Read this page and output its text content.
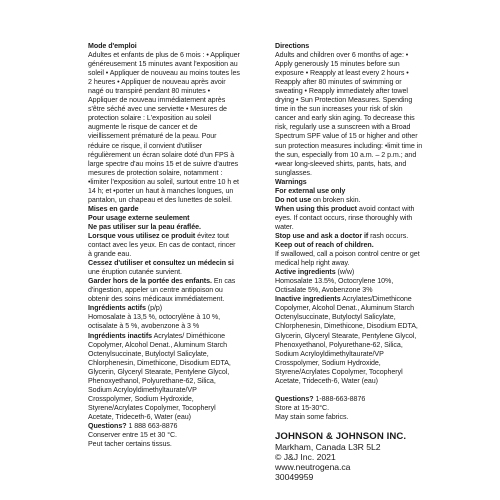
Mode d'emploi

Adultes et enfants de plus de 6 mois : • Appliquer généreusement 15 minutes avant l'exposition au soleil • Appliquer de nouveau au moins toutes les 2 heures • Appliquer de nouveau après avoir nagé ou transpiré pendant 80 minutes • Appliquer de nouveau immédiatement après s'être séché avec une serviette • Mesures de protection solaire : L'exposition au soleil augmente le risque de cancer et de vieillissement prématuré de la peau. Pour réduire ce risque, il convient d'utiliser régulièrement un écran solaire doté d'un FPS à large spectre d'au moins 15 et de suivre d'autres mesures de protection solaire, notamment : •limiter l'exposition au soleil, surtout entre 10 h et 14 h; et •porter un haut à manches longues, un pantalon, un chapeau et des lunettes de soleil.

Mises en garde

Pour usage externe seulement

Ne pas utiliser sur la peau éraflée.

Lorsque vous utilisez ce produit évitez tout contact avec les yeux. En cas de contact, rincer à grande eau.

Cessez d'utiliser et consultez un médecin si une éruption cutanée survient.

Garder hors de la portée des enfants. En cas d'ingestion, appeler un centre antipoison ou obtenir des soins médicaux immédiatement.

Ingrédients actifs (p/p)

Homosalate à 13,5 %, octocrylène à 10 %, octisalate à 5 %, avobenzone à 3 %

Ingrédients inactifs Acrylates/ Diméthicone Copolymer, Alcohol Denat., Aluminum Starch Octenylsuccinate, Butyloctyl Salicylate, Chlorphenesin, Dimethicone, Disodium EDTA, Glycerin, Glyceryl Stearate, Pentylene Glycol, Phenoxyethanol, Polyurethane-62, Silica, Sodium Acryloyldimethyltaurate/VP Crosspolymer, Sodium Hydroxide, Styrene/Acrylates Copolymer, Tocopheryl Acetate, Trideceth-6, Water (eau)

Questions? 1 888 663-8876

Conserver entre 15 et 30 °C.

Peut tacher certains tissus.

Directions

Adults and children over 6 months of age: • Apply generously 15 minutes before sun exposure • Reapply at least every 2 hours • Reapply after 80 minutes of swimming or sweating • Reapply immediately after towel drying • Sun Protection Measures. Spending time in the sun increases your risk of skin cancer and early skin aging. To decrease this risk, regularly use a sunscreen with a Broad Spectrum SPF value of 15 or higher and other sun protection measures including: •limit time in the sun, especially from 10 a.m. – 2 p.m.; and •wear long-sleeved shirts, pants, hats, and sunglasses.

Warnings

For external use only

Do not use on broken skin.

When using this product avoid contact with eyes. If contact occurs, rinse thoroughly with water.

Stop use and ask a doctor if rash occurs.

Keep out of reach of children.

If swallowed, call a poison control centre or get medical help right away.

Active ingredients (w/w)

Homosalate 13.5%, Octocrylene 10%, Octisalate 5%, Avobenzone 3%

Inactive ingredients Acrylates/Dimethicone Copolymer, Alcohol Denat., Aluminum Starch Octenylsuccinate, Butyloctyl Salicylate, Chlorphenesin, Dimethicone, Disodium EDTA, Glycerin, Glyceryl Stearate, Pentylene Glycol, Phenoxyethanol, Polyurethane-62, Silica, Sodium Acryloyldimethyltaurate/VP Crosspolymer, Sodium Hydroxide, Styrene/Acrylates Copolymer, Tocopheryl Acetate, Trideceth-6, Water (eau)

Questions? 1-888-663-8876

Store at 15-30°C.

May stain some fabrics.

JOHNSON & JOHNSON INC.

Markham, Canada L3R 5L2

© J&J Inc. 2021

www.neutrogena.ca

30049959
